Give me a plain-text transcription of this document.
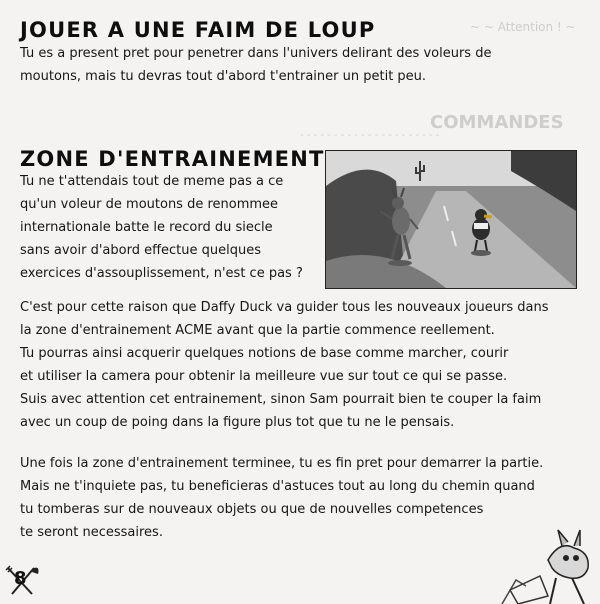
~ ~ Attention ! ~
COMMANDES
- - - - - - - - - - - - - - - - - - - - -
JOUER A UNE FAIM DE LOUP
Tu es a present pret pour penetrer dans l'univers delirant des voleurs de
moutons, mais tu devras tout d'abord t'entrainer un petit peu.
ZONE D'ENTRAINEMENT
Tu ne t'attendais tout de meme pas a ce
qu'un voleur de moutons de renommee
internationale batte le record du siecle
sans avoir d'abord effectue quelques
exercices d'assouplissement, n'est ce pas ?
C'est pour cette raison que Daffy Duck va guider tous les nouveaux joueurs dans
la zone d'entrainement ACME avant que la partie commence reellement.
Tu pourras ainsi acquerir quelques notions de base comme marcher, courir
et utiliser la camera pour obtenir la meilleure vue sur tout ce qui se passe.
Suis avec attention cet entrainement, sinon Sam pourrait bien te couper la faim
avec un coup de poing dans la figure plus tot que tu ne le pensais.
Une fois la zone d'entrainement terminee, tu es fin pret pour demarrer la partie.
Mais ne t'inquiete pas, tu beneficieras d'astuces tout au long du chemin quand
tu tomberas sur de nouveaux objets ou que de nouvelles competences
te seront necessaires.
8
